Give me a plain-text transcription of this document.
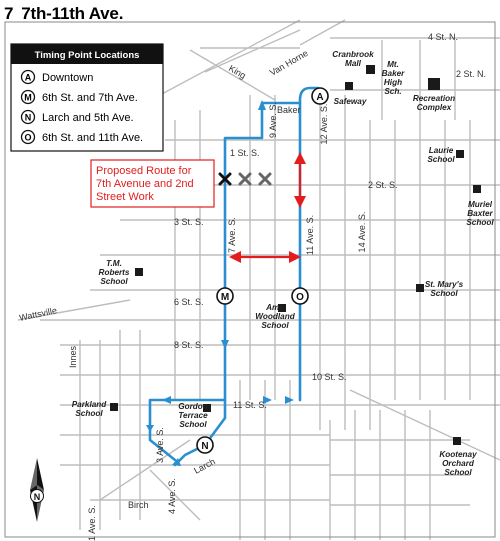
4 St. N.
2 St. N.
King Van Horne
Baker
1 St. S.
2 St. S.
3 St. S.
6 St. S.
8 St. S.
10 St. S.
11 St. S.
9 Ave. S.	12 Ave. S.
7 Ave. S.	11 Ave. S.	14 Ave. S.
3 Ave. S.
4 Ave. S.
1 Ave. S.
Larch
Birch
Wattsville
Innes
Cranbrook Mall
Safeway
Mt. Baker High Sch.
Recreation Complex
Laurie School
Muriel Baxter School
T.M. Roberts School
Amy Woodland School
St. Mary's School
Parkland School
Gordon Terrace School
Kootenay Orchard School
A
M	O
N
Proposed Route for
7th Avenue and 2nd
Street Work
Timing Point Locations
A Downtown
M 6th St. and 7th Ave.
N Larch and 5th Ave.
O 6th St. and 11th Ave.
N
7 7th-11th Ave.
